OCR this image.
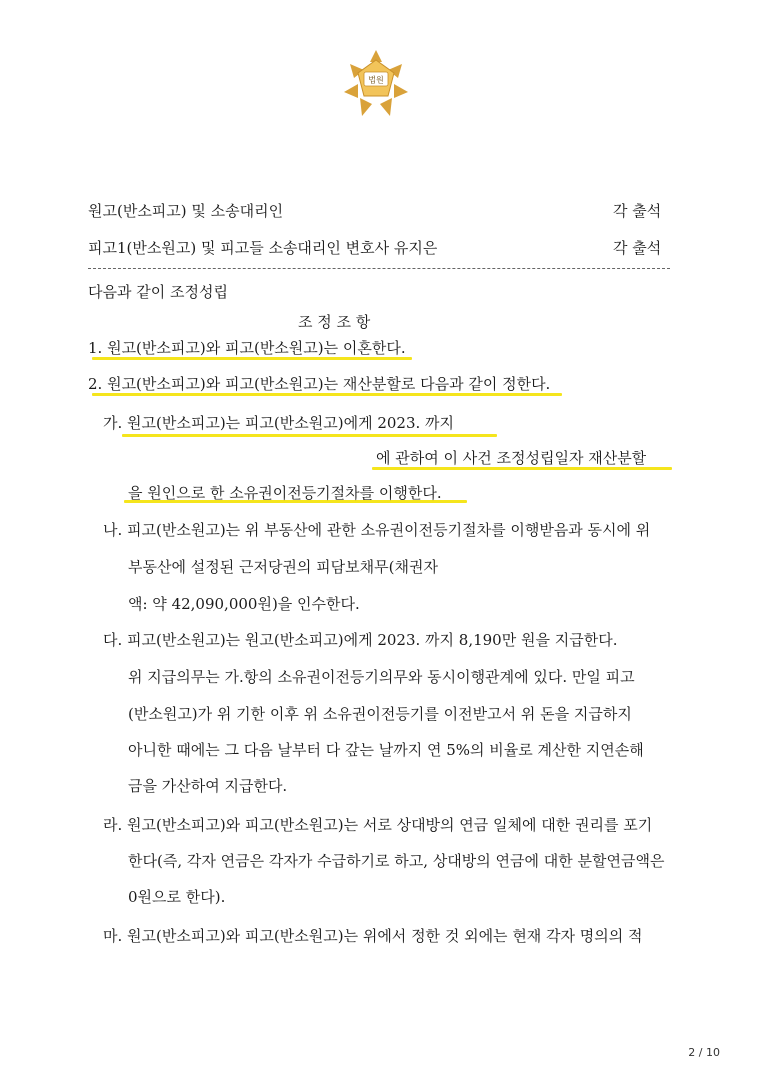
법원
원고(반소피고) 및 소송대리인	각 출석
피고1(반소원고) 및 피고들 소송대리인 변호사 유지은	각 출석
다음과 같이 조정성립
조 정 조 항
1. 원고(반소피고)와 피고(반소원고)는 이혼한다.
2. 원고(반소피고)와 피고(반소원고)는 재산분할로 다음과 같이 정한다.
가. 원고(반소피고)는 피고(반소원고)에게 2023. 까지
에 관하여 이 사건 조정성립일자 재산분할
을 원인으로 한 소유권이전등기절차를 이행한다.
나. 피고(반소원고)는 위 부동산에 관한 소유권이전등기절차를 이행받음과 동시에 위
부동산에 설정된 근저당권의 피담보채무(채권자
액: 약 42,090,000원)을 인수한다.
다. 피고(반소원고)는 원고(반소피고)에게 2023. 까지 8,190만 원을 지급한다.
위 지급의무는 가.항의 소유권이전등기의무와 동시이행관계에 있다. 만일 피고
(반소원고)가 위 기한 이후 위 소유권이전등기를 이전받고서 위 돈을 지급하지
아니한 때에는 그 다음 날부터 다 갚는 날까지 연 5%의 비율로 계산한 지연손해
금을 가산하여 지급한다.
라. 원고(반소피고)와 피고(반소원고)는 서로 상대방의 연금 일체에 대한 권리를 포기
한다(즉, 각자 연금은 각자가 수급하기로 하고, 상대방의 연금에 대한 분할연금액은
0원으로 한다).
마. 원고(반소피고)와 피고(반소원고)는 위에서 정한 것 외에는 현재 각자 명의의 적
2 / 10
